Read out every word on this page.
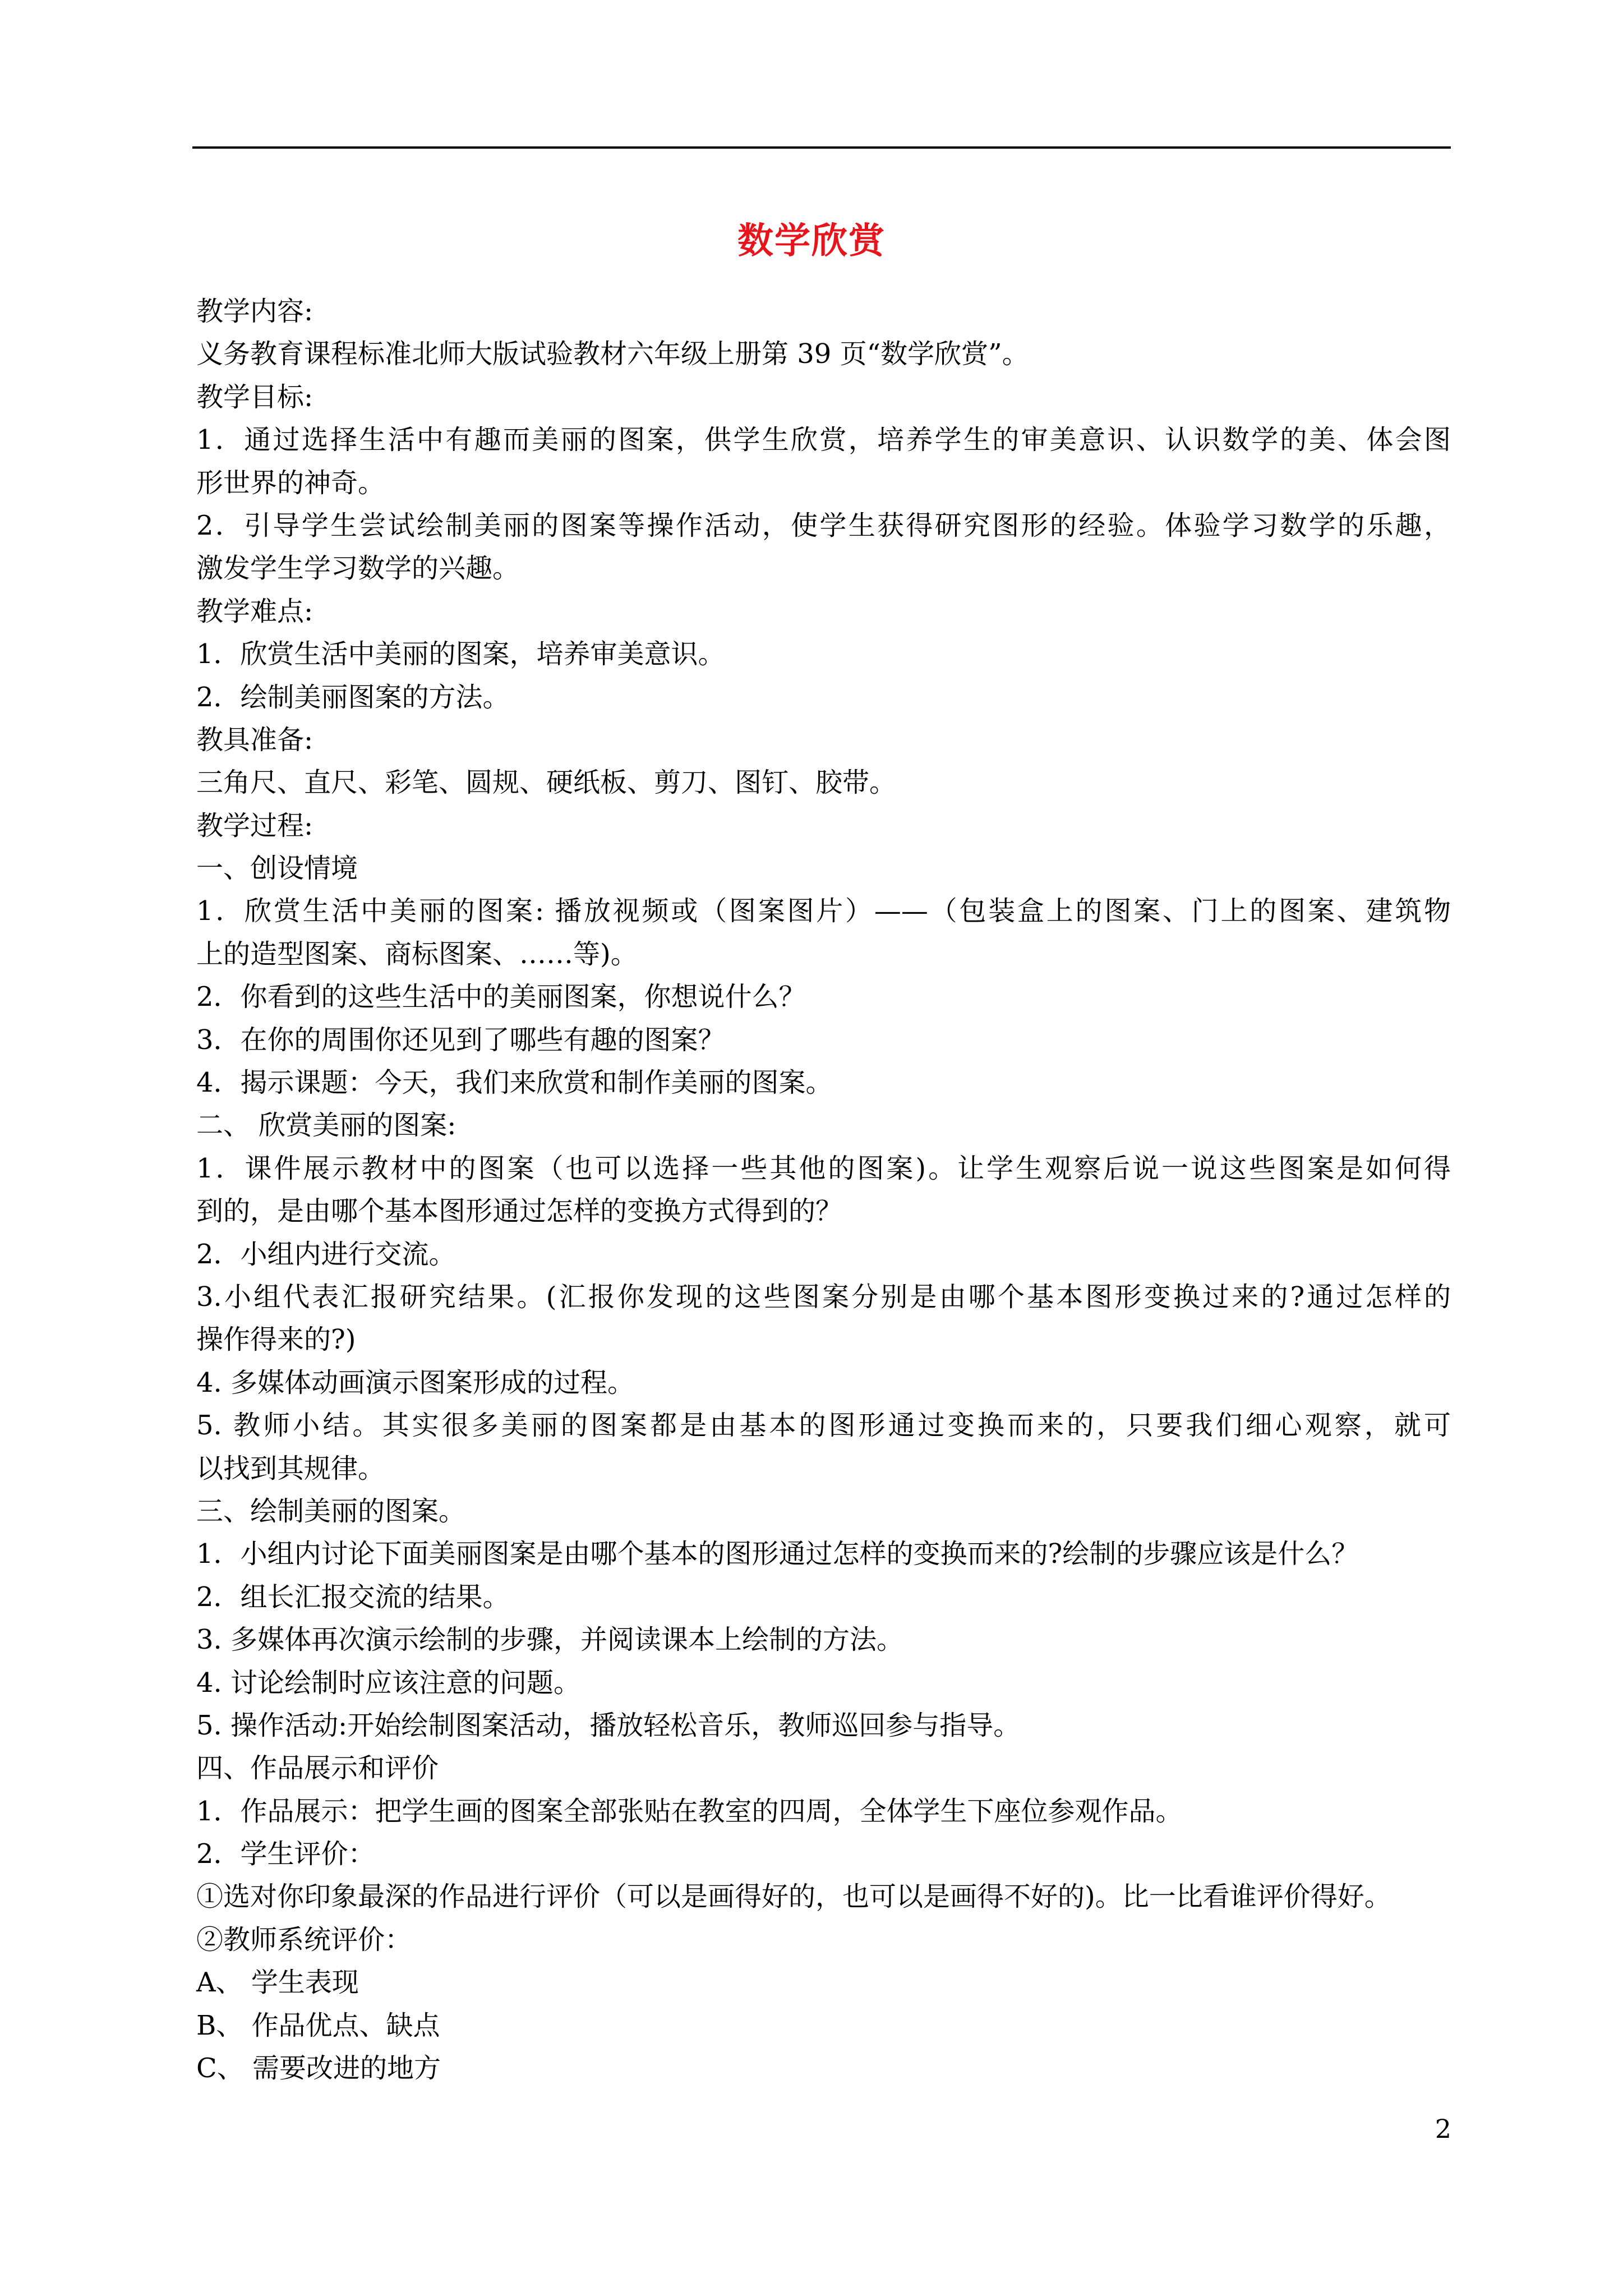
数学欣赏
教学内容:
义务教育课程标准北师大版试验教材六年级上册第 39 页“数学欣赏”。
教学目标:
1．通过选择生活中有趣而美丽的图案，供学生欣赏，培养学生的审美意识、认识数学的美、体会图
形世界的神奇。
2．引导学生尝试绘制美丽的图案等操作活动，使学生获得研究图形的经验。体验学习数学的乐趣，
激发学生学习数学的兴趣。
教学难点:
1．欣赏生活中美丽的图案，培养审美意识。
2．绘制美丽图案的方法。
教具准备:
三角尺、直尺、彩笔、圆规、硬纸板、剪刀、图钉、胶带。
教学过程:
一、创设情境
1．欣赏生活中美丽的图案: 播放视频或（图案图片）——（包装盒上的图案、门上的图案、建筑物
上的造型图案、商标图案、……等)。
2．你看到的这些生活中的美丽图案，你想说什么？
3．在你的周围你还见到了哪些有趣的图案？
4．揭示课题：今天，我们来欣赏和制作美丽的图案。
二、 欣赏美丽的图案:
1．课件展示教材中的图案（也可以选择一些其他的图案)。让学生观察后说一说这些图案是如何得
到的，是由哪个基本图形通过怎样的变换方式得到的？
2．小组内进行交流。
3.小组代表汇报研究结果。(汇报你发现的这些图案分别是由哪个基本图形变换过来的?通过怎样的
操作得来的?)
4. 多媒体动画演示图案形成的过程。
5. 教师小结。其实很多美丽的图案都是由基本的图形通过变换而来的，只要我们细心观察，就可
以找到其规律。
三、绘制美丽的图案。
1．小组内讨论下面美丽图案是由哪个基本的图形通过怎样的变换而来的?绘制的步骤应该是什么？
2．组长汇报交流的结果。
3. 多媒体再次演示绘制的步骤，并阅读课本上绘制的方法。
4. 讨论绘制时应该注意的问题。
5. 操作活动:开始绘制图案活动，播放轻松音乐，教师巡回参与指导。
四、作品展示和评价
1．作品展示：把学生画的图案全部张贴在教室的四周，全体学生下座位参观作品。
2．学生评价：
①选对你印象最深的作品进行评价（可以是画得好的，也可以是画得不好的)。比一比看谁评价得好。
②教师系统评价：
A、 学生表现
B、 作品优点、缺点
C、 需要改进的地方
2
